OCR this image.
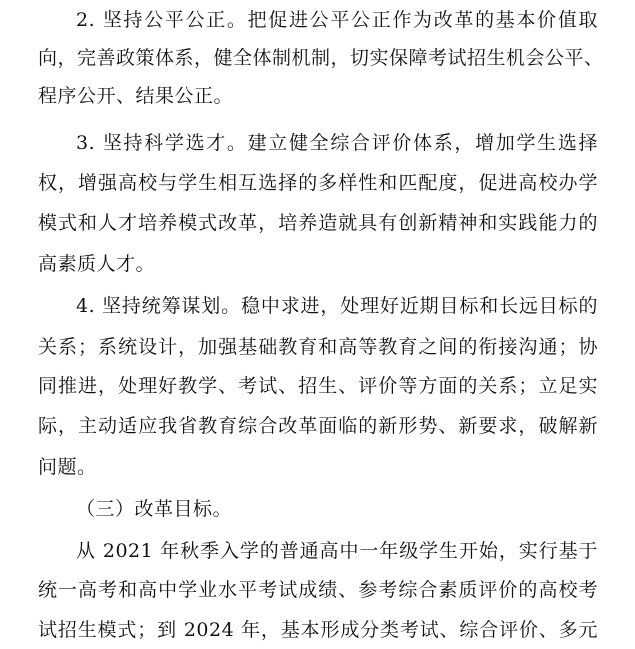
2. 坚持公平公正。把促进公平公正作为改革的基本价值取
向，完善政策体系，健全体制机制，切实保障考试招生机会公平、
程序公开、结果公正。
3. 坚持科学选才。建立健全综合评价体系，增加学生选择
权，增强高校与学生相互选择的多样性和匹配度，促进高校办学
模式和人才培养模式改革，培养造就具有创新精神和实践能力的
高素质人才。
4. 坚持统筹谋划。稳中求进，处理好近期目标和长远目标的
关系；系统设计，加强基础教育和高等教育之间的衔接沟通；协
同推进，处理好教学、考试、招生、评价等方面的关系；立足实
际，主动适应我省教育综合改革面临的新形势、新要求，破解新
问题。
（三）改革目标。
从 2021 年秋季入学的普通高中一年级学生开始，实行基于
统一高考和高中学业水平考试成绩、参考综合素质评价的高校考
试招生模式；到 2024 年，基本形成分类考试、综合评价、多元
